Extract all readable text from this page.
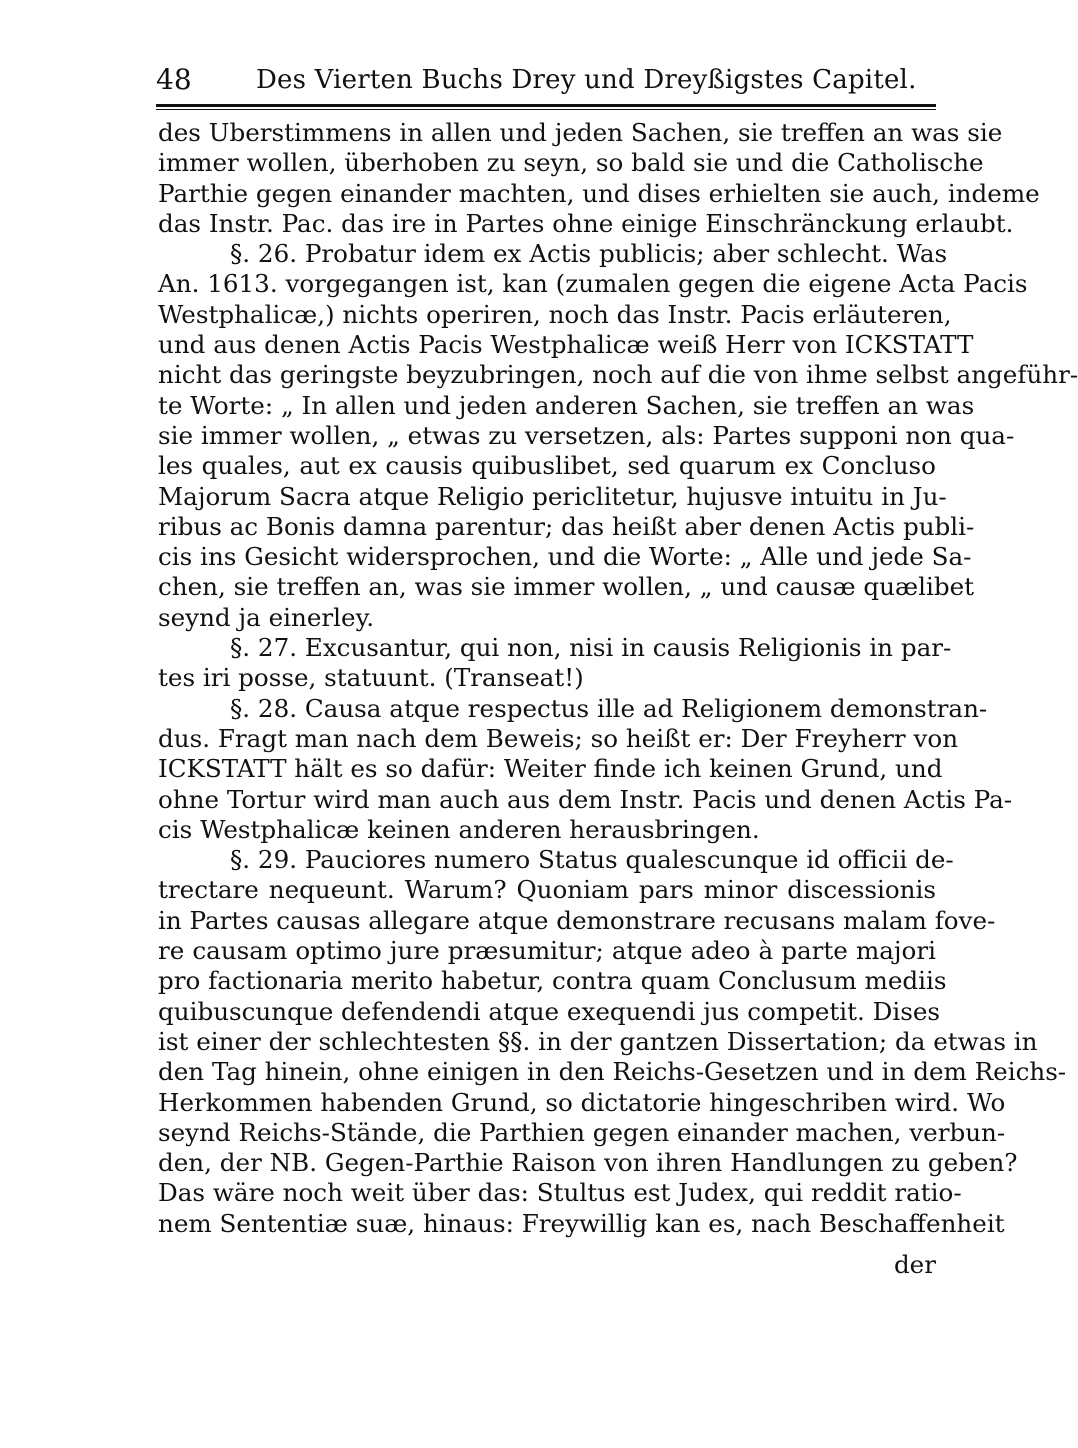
48 Des Vierten Buchs Drey und Dreyßigstes Capitel.
des Uberstimmens in allen und jeden Sachen, sie treffen an was sie
immer wollen, überhoben zu seyn, so bald sie und die Catholische
Parthie gegen einander machten, und dises erhielten sie auch, indeme
das Instr. Pac. das ire in Partes ohne einige Einschränckung erlaubt.
§. 26. Probatur idem ex Actis publicis; aber schlecht. Was
An. 1613. vorgegangen ist, kan (zumalen gegen die eigene Acta Pacis
Westphalicæ,) nichts operiren, noch das Instr. Pacis erläuteren,
und aus denen Actis Pacis Westphalicæ weiß Herr von ICKSTATT
nicht das geringste beyzubringen, noch auf die von ihme selbst angeführ-
te Worte: „ In allen und jeden anderen Sachen, sie treffen an was
sie immer wollen, „ etwas zu versetzen, als: Partes supponi non qua-
les quales, aut ex causis quibuslibet, sed quarum ex Concluso
Majorum Sacra atque Religio periclitetur, hujusve intuitu in Ju-
ribus ac Bonis damna parentur; das heißt aber denen Actis publi-
cis ins Gesicht widersprochen, und die Worte: „ Alle und jede Sa-
chen, sie treffen an, was sie immer wollen, „ und causæ quælibet
seynd ja einerley.
§. 27. Excusantur, qui non, nisi in causis Religionis in par-
tes iri posse, statuunt. (Transeat!)
§. 28. Causa atque respectus ille ad Religionem demonstran-
dus. Fragt man nach dem Beweis; so heißt er: Der Freyherr von
ICKSTATT hält es so dafür: Weiter finde ich keinen Grund, und
ohne Tortur wird man auch aus dem Instr. Pacis und denen Actis Pa-
cis Westphalicæ keinen anderen herausbringen.
§. 29. Pauciores numero Status qualescunque id officii de-
trectare nequeunt. Warum? Quoniam pars minor discessionis
in Partes causas allegare atque demonstrare recusans malam fove-
re causam optimo jure præsumitur; atque adeo à parte majori
pro factionaria merito habetur, contra quam Conclusum mediis
quibuscunque defendendi atque exequendi jus competit. Dises
ist einer der schlechtesten §§. in der gantzen Dissertation; da etwas in
den Tag hinein, ohne einigen in den Reichs-Gesetzen und in dem Reichs-
Herkommen habenden Grund, so dictatorie hingeschriben wird. Wo
seynd Reichs-Stände, die Parthien gegen einander machen, verbun-
den, der NB. Gegen-Parthie Raison von ihren Handlungen zu geben?
Das wäre noch weit über das: Stultus est Judex, qui reddit ratio-
nem Sententiæ suæ, hinaus: Freywillig kan es, nach Beschaffenheit
der
